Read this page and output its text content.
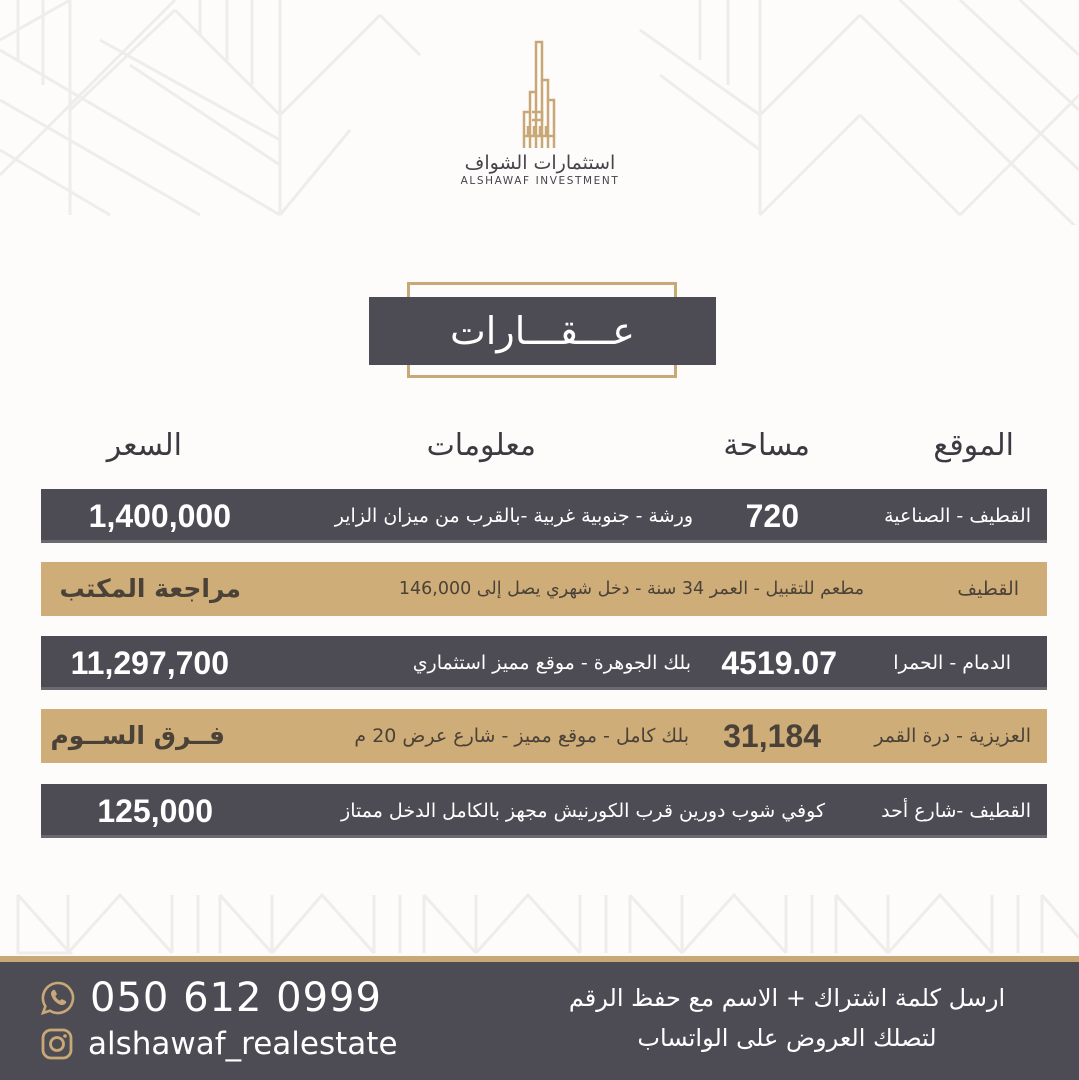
استثمارات الشواف
ALSHAWAF INVESTMENT
عـــقـــارات
الموقع
مساحة
معلومات
السعر
القطيف - الصناعية
720
ورشة - جنوبية غربية -بالقرب من ميزان الزاير
1,400,000
القطيف
مطعم للتقبيل - العمر 34 سنة - دخل شهري يصل إلى 146,000
مراجعة المكتب
الدمام - الحمرا
4519.07
بلك الجوهرة - موقع مميز استثماري
11,297,700
العزيزية - درة القمر
31,184
بلك كامل - موقع مميز - شارع عرض 20 م
فــرق الســوم
القطيف -شارع أحد
كوفي شوب دورين قرب الكورنيش مجهز بالكامل الدخل ممتاز
125,000
050 612 0999
alshawaf_realestate
ارسل كلمة اشتراك + الاسم مع حفظ الرقم
لتصلك العروض على الواتساب
